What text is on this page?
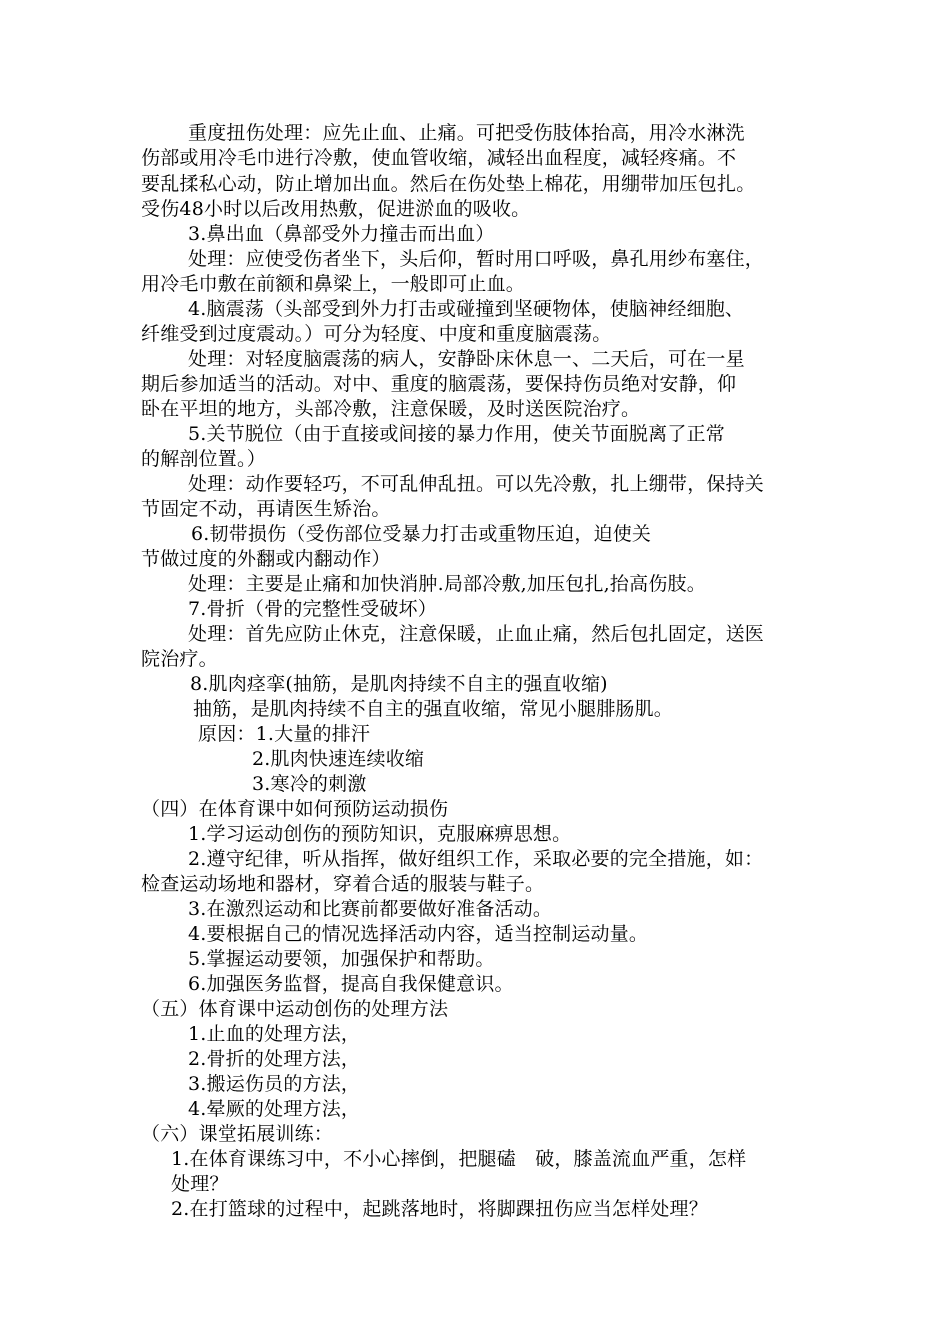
重度扭伤处理：应先止血、止痛。可把受伤肢体抬高，用冷水淋洗
伤部或用冷毛巾进行冷敷，使血管收缩，减轻出血程度，减轻疼痛。不
要乱揉私心动，防止增加出血。然后在伤处垫上棉花，用绷带加压包扎。
受伤48小时以后改用热敷，促进淤血的吸收。
3.鼻出血（鼻部受外力撞击而出血）
处理：应使受伤者坐下，头后仰，暂时用口呼吸，鼻孔用纱布塞住，
用冷毛巾敷在前额和鼻梁上，一般即可止血。
4.脑震荡（头部受到外力打击或碰撞到坚硬物体，使脑神经细胞、
纤维受到过度震动。）可分为轻度、中度和重度脑震荡。
处理：对轻度脑震荡的病人，安静卧床休息一、二天后，可在一星
期后参加适当的活动。对中、重度的脑震荡，要保持伤员绝对安静，仰
卧在平坦的地方，头部冷敷，注意保暖，及时送医院治疗。
5.关节脱位（由于直接或间接的暴力作用，使关节面脱离了正常
的解剖位置。）
处理：动作要轻巧，不可乱伸乱扭。可以先冷敷，扎上绷带，保持关
节固定不动，再请医生矫治。
6.韧带损伤（受伤部位受暴力打击或重物压迫，迫使关
节做过度的外翻或内翻动作）
处理：主要是止痛和加快消肿.局部冷敷,加压包扎,抬高伤肢。
7.骨折（骨的完整性受破坏）
处理：首先应防止休克，注意保暖，止血止痛，然后包扎固定，送医
院治疗。
8.肌肉痉挛(抽筋，是肌肉持续不自主的强直收缩)
抽筋，是肌肉持续不自主的强直收缩，常见小腿腓肠肌。
原因：1.大量的排汗
2.肌肉快速连续收缩
3.寒冷的刺激
（四）在体育课中如何预防运动损伤
1.学习运动创伤的预防知识，克服麻痹思想。
2.遵守纪律，听从指挥，做好组织工作，采取必要的完全措施，如：
检查运动场地和器材，穿着合适的服装与鞋子。
3.在激烈运动和比赛前都要做好准备活动。
4.要根据自己的情况选择活动内容，适当控制运动量。
5.掌握运动要领，加强保护和帮助。
6.加强医务监督，提高自我保健意识。
（五）体育课中运动创伤的处理方法
1.止血的处理方法，
2.骨折的处理方法，
3.搬运伤员的方法，
4.晕厥的处理方法，
（六）课堂拓展训练：
1.在体育课练习中，不小心摔倒，把腿磕　破，膝盖流血严重，怎样
处理？
2.在打篮球的过程中，起跳落地时，将脚踝扭伤应当怎样处理？
